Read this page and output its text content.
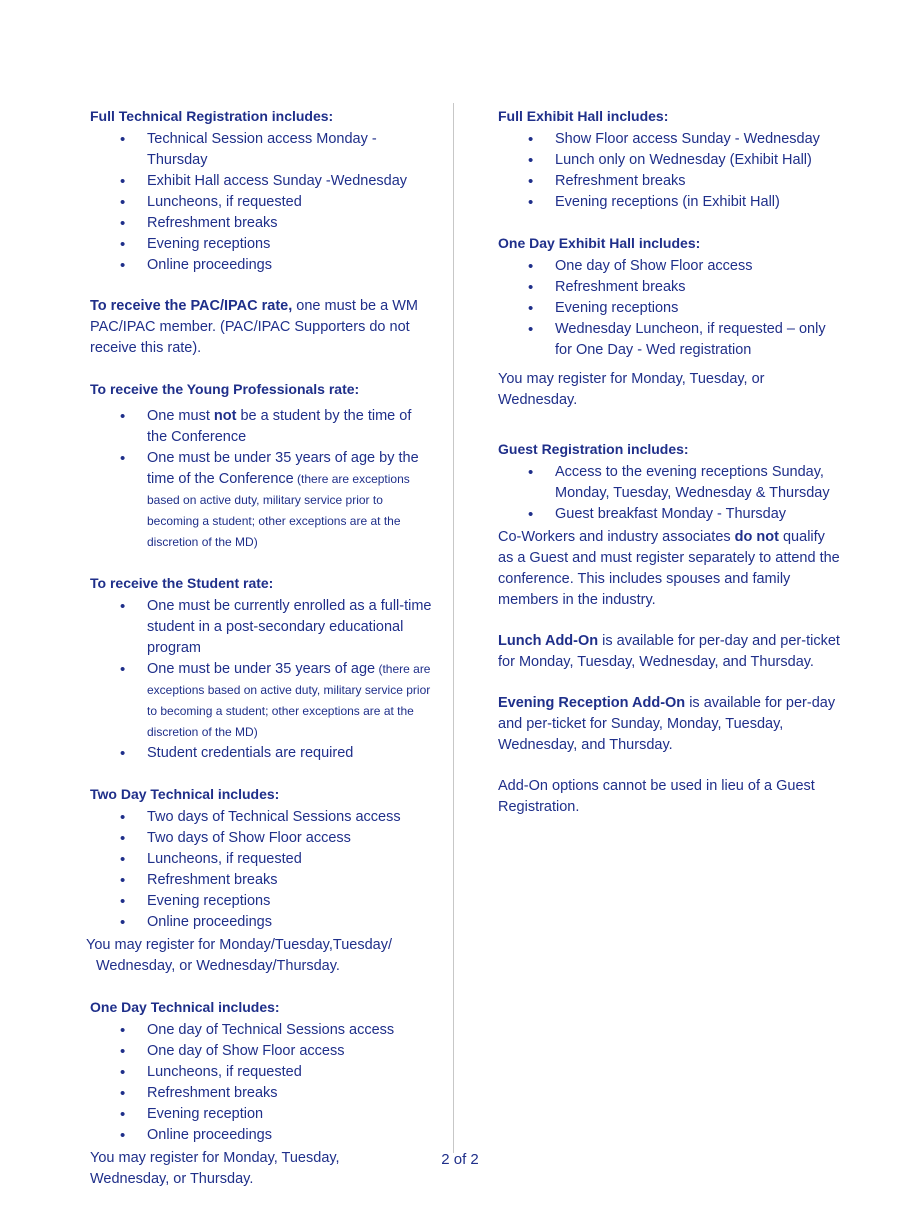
Full Technical Registration includes:
• Technical Session access Monday - Thursday
• Exhibit Hall access Sunday -Wednesday
• Luncheons, if requested
• Refreshment breaks
• Evening receptions
• Online proceedings

To receive the PAC/IPAC rate, one must be a WM PAC/IPAC member. (PAC/IPAC Supporters do not receive this rate).

To receive the Young Professionals rate:
• One must not be a student by the time of the Conference
• One must be under 35 years of age by the time of the Conference (there are exceptions based on active duty, military service prior to becoming a student; other exceptions are at the discretion of the MD)
To receive the Student rate:
• One must be currently enrolled as a full-time student in a post-secondary educational program
• One must be under 35 years of age (there are exceptions based on active duty, military service prior to becoming a student; other exceptions are at the discretion of the MD)
• Student credentials are required
Two Day Technical includes:
• Two days of Technical Sessions access
• Two days of Show Floor access
• Luncheons, if requested
• Refreshment breaks
• Evening receptions
• Online proceedings

You may register for Monday/Tuesday,Tuesday/ Wednesday, or Wednesday/Thursday.

One Day Technical includes:
• One day of Technical Sessions access
• One day of Show Floor access
• Luncheons, if requested
• Refreshment breaks
• Evening reception
• Online proceedings

You may register for Monday, Tuesday, Wednesday, or Thursday.

Full Exhibit Hall includes:
• Show Floor access Sunday - Wednesday
• Lunch only on Wednesday (Exhibit Hall)
• Refreshment breaks
• Evening receptions (in Exhibit Hall)
One Day Exhibit Hall includes:
• One day of Show Floor access
• Refreshment breaks
• Evening receptions
• Wednesday Luncheon, if requested – only for One Day - Wed registration

You may register for Monday, Tuesday, or Wednesday.

Guest Registration includes:
• Access to the evening receptions Sunday, Monday, Tuesday, Wednesday & Thursday
• Guest breakfast Monday - Thursday

Co-Workers and industry associates do not qualify as a Guest and must register separately to attend the conference. This includes spouses and family members in the industry.

Lunch Add-On is available for per-day and per-ticket for Monday, Tuesday, Wednesday, and Thursday.

Evening Reception Add-On is available for per-day and per-ticket for Sunday, Monday, Tuesday, Wednesday, and Thursday.

Add-On options cannot be used in lieu of a Guest Registration.

2 of 2
